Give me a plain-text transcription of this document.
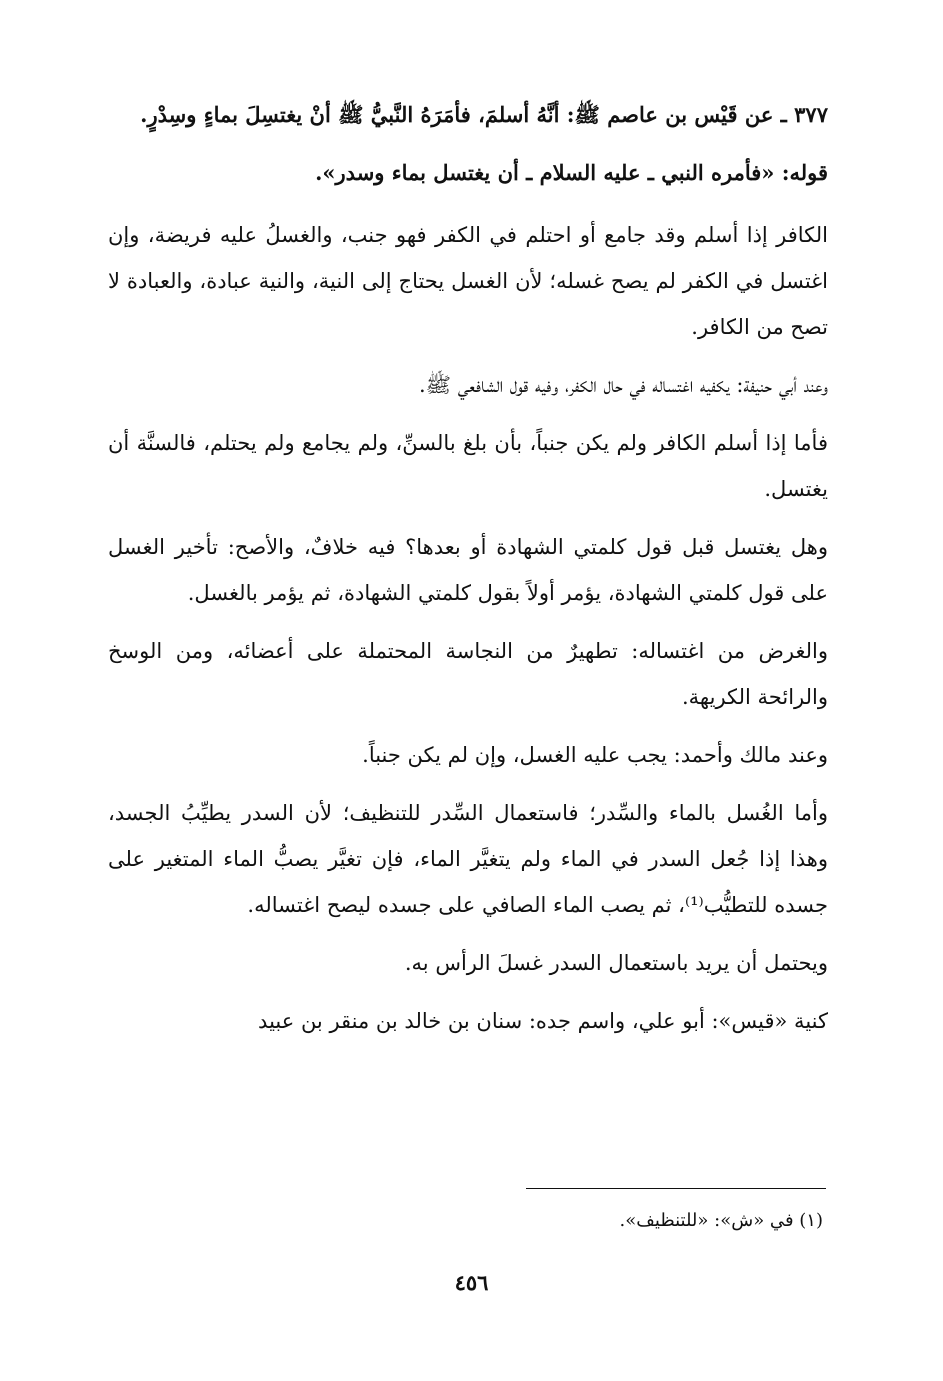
٣٧٧ ـ عن قَيْس بن عاصم ﷺ: أنَّهُ أسلمَ، فأمَرَهُ النَّبيُّ ﷺ أنْ يغتسِلَ بماءٍ وسِدْرٍ.

قوله: «فأمره النبي ـ عليه السلام ـ أن يغتسل بماء وسدر».

الكافر إذا أسلم وقد جامع أو احتلم في الكفر فهو جنب، والغسلُ عليه فريضة، وإن اغتسل في الكفر لم يصح غسله؛ لأن الغسل يحتاج إلى النية، والنية عبادة، والعبادة لا تصح من الكافر.

وعند أبي حنيفة: يكفيه اغتساله في حال الكفر، وفيه قول الشافعي ﷺ.

فأما إذا أسلم الكافر ولم يكن جنباً، بأن بلغ بالسنِّ، ولم يجامع ولم يحتلم، فالسنَّة أن يغتسل.

وهل يغتسل قبل قول كلمتي الشهادة أو بعدها؟ فيه خلافٌ، والأصح: تأخير الغسل على قول كلمتي الشهادة، يؤمر أولاً بقول كلمتي الشهادة، ثم يؤمر بالغسل.

والغرض من اغتساله: تطهيرٌ من النجاسة المحتملة على أعضائه، ومن الوسخ والرائحة الكريهة.

وعند مالك وأحمد: يجب عليه الغسل، وإن لم يكن جنباً.

وأما الغُسل بالماء والسِّدر؛ فاستعمال السِّدر للتنظيف؛ لأن السدر يطيِّبُ الجسد، وهذا إذا جُعل السدر في الماء ولم يتغيَّر الماء، فإن تغيَّر يصبُّ الماء المتغير على جسده للتطيُّب⁽¹⁾، ثم يصب الماء الصافي على جسده ليصح اغتساله.

ويحتمل أن يريد باستعمال السدر غسلَ الرأس به.

كنية «قيس»: أبو علي، واسم جده: سنان بن خالد بن منقر بن عبيد

(١) في «ش»: «للتنظيف».
٤٥٦
